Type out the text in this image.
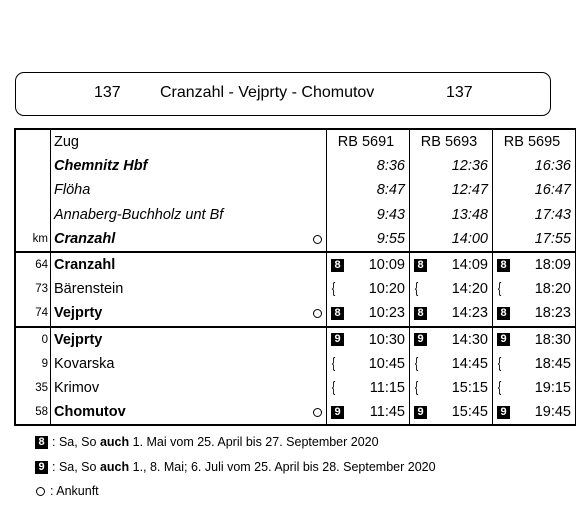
137 Cranzahl - Vejprty - Chomutov	137
	Zug	RB 5691	RB 5693	RB 5695
	Chemnitz Hbf	8:36	12:36	16:36
	Flöha	8:47	12:47	16:47
	Annaberg-Buchholz unt Bf	9:43	13:48	17:43
km	Cranzahl	9:55	14:00	17:55
64	Cranzahl	8 10:09	8 14:09	8 18:09

73	Bärenstein	{ 10:20	{ 14:20	{ 18:20

74	Vejprty	8 10:23	8 14:23	8 18:23

0	Vejprty	9 10:30	9 14:30	9 18:30

9	Kovarska	{ 10:45	{ 14:45	{ 18:45

35	Krimov	{ 11:15	{ 15:15	{ 19:15

58	Chomutov	9 11:45	9 15:45	9 19:45
8 : Sa, So auch 1. Mai vom 25. April bis 27. September 2020
9 : Sa, So auch 1., 8. Mai; 6. Juli vom 25. April bis 28. September 2020
: Ankunft
